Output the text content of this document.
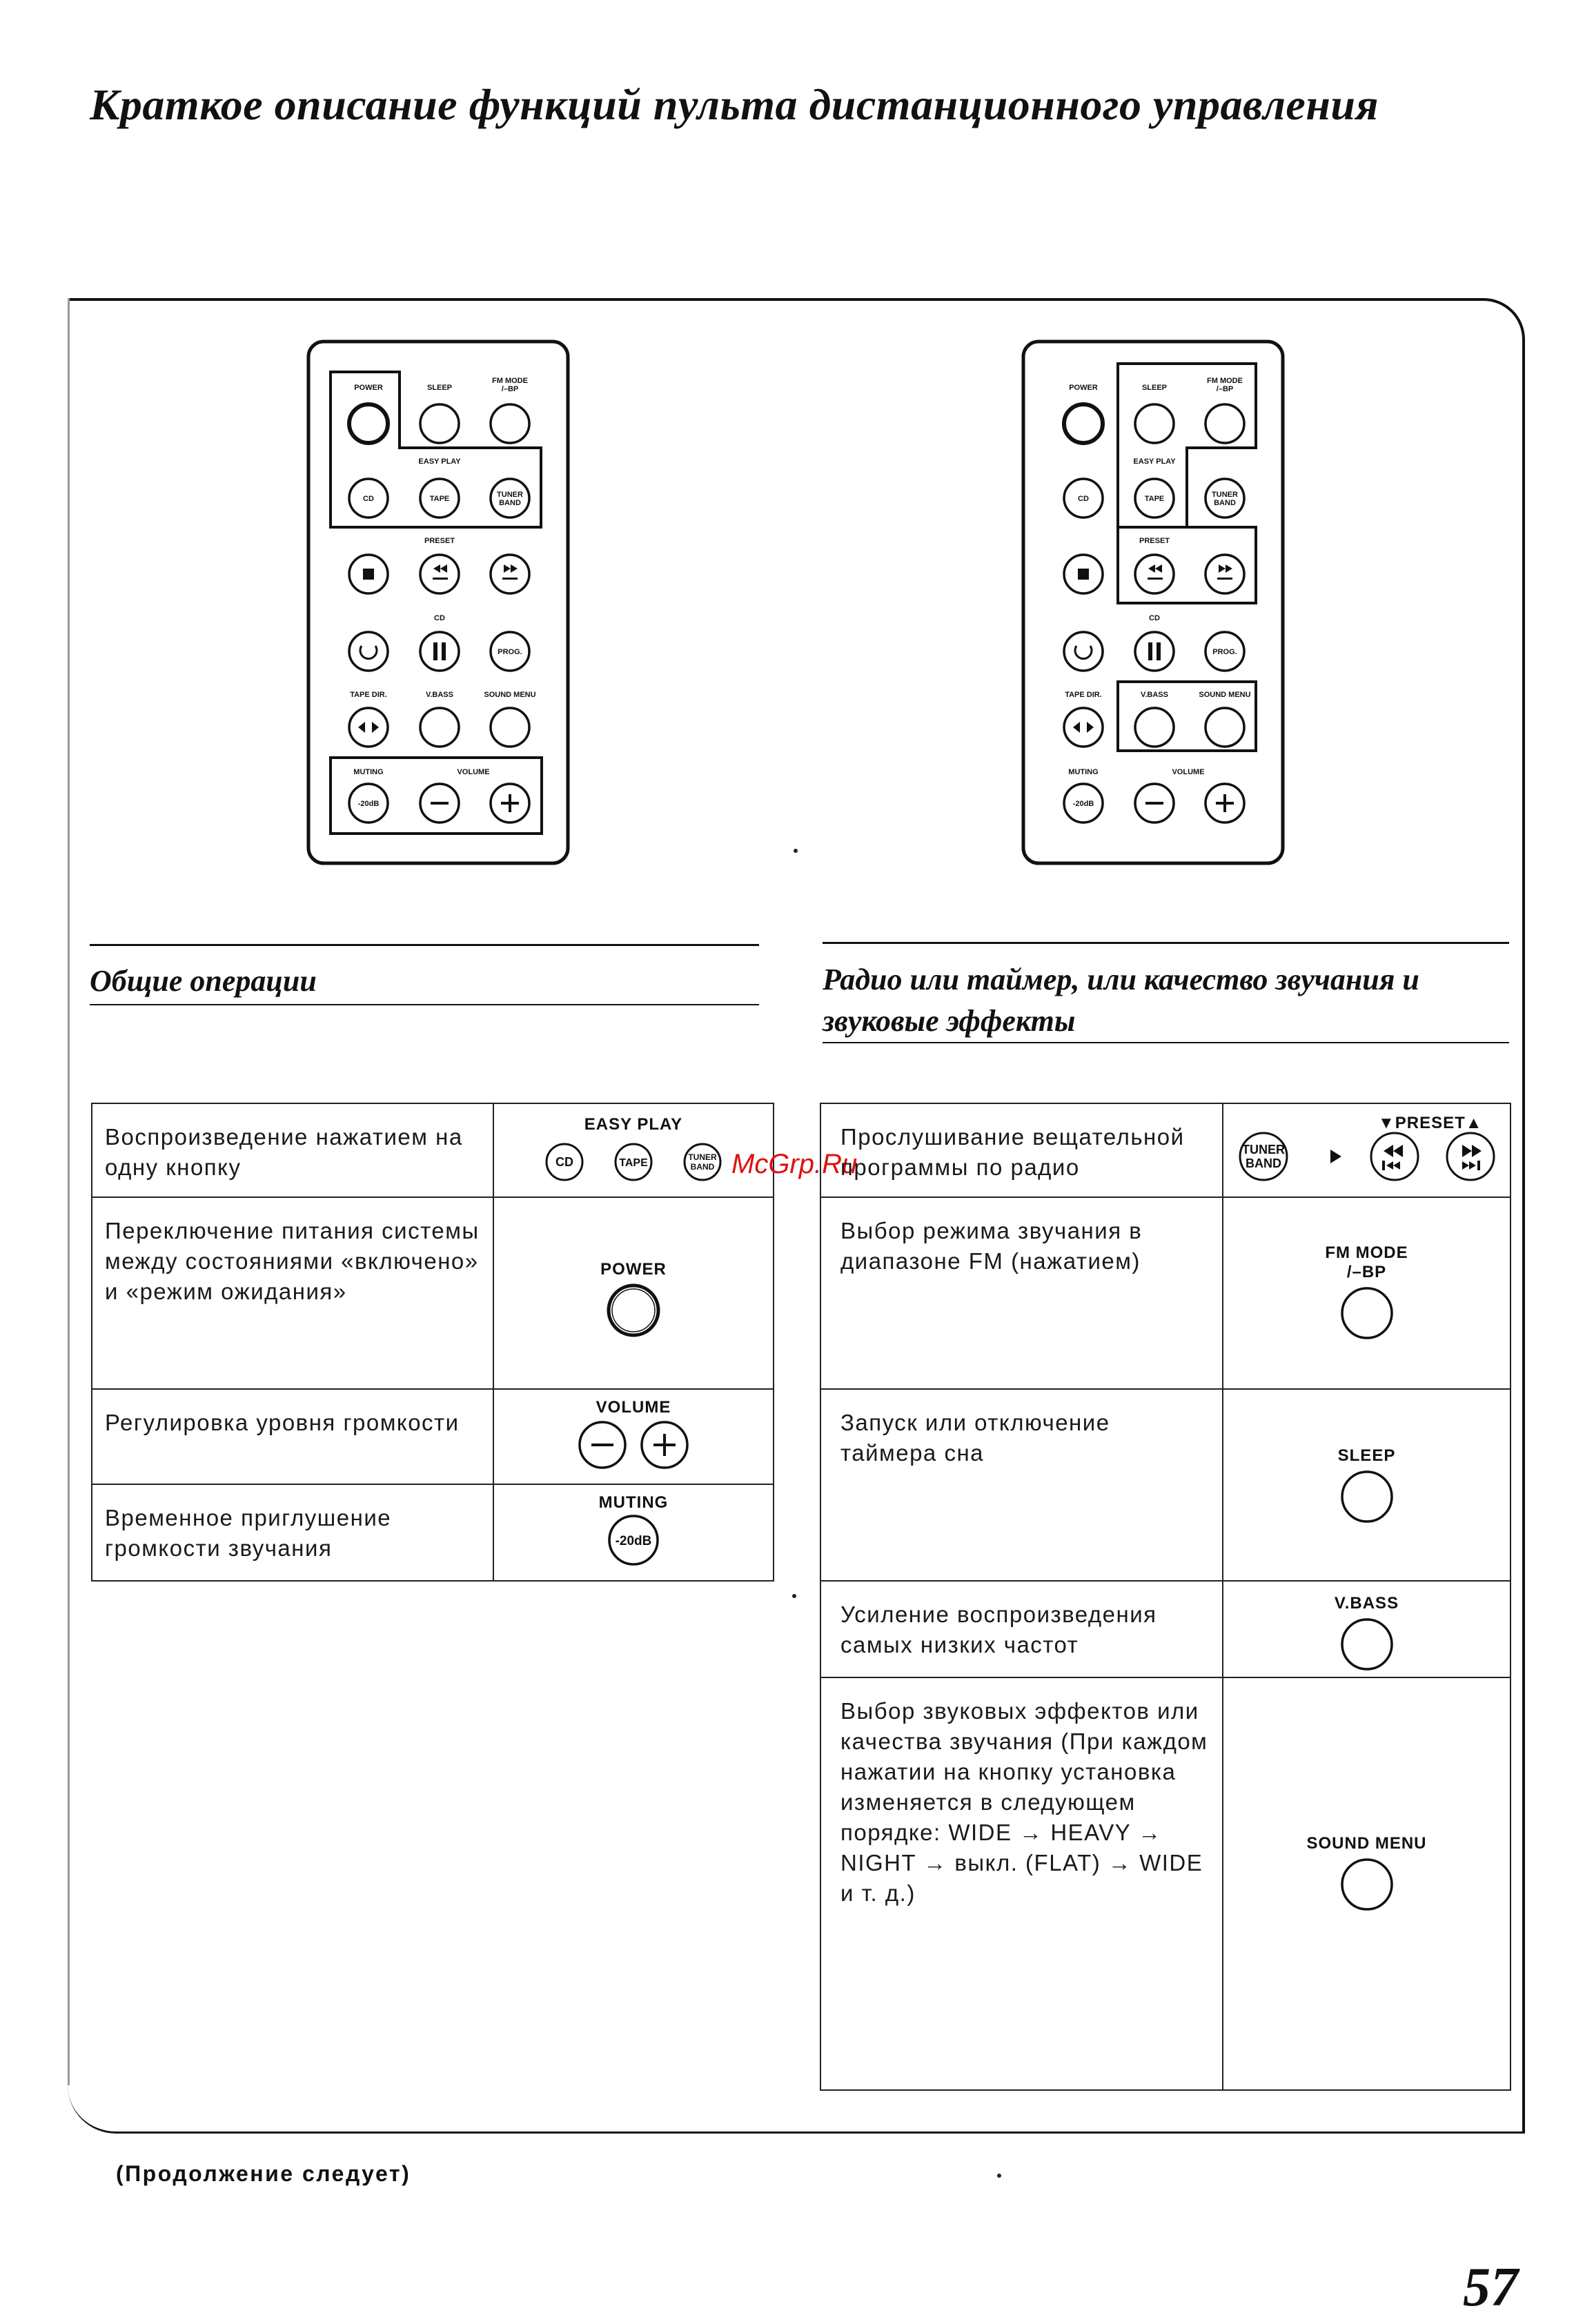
Краткое описание функций пульта дистанционного управления
POWER	SLEEP
FM MODE
/–BP
EASY PLAY
PRESET
CD
TAPE DIR.	V.BASS	SOUND MENU
MUTING	VOLUME
CD	TAPE	TUNER
BAND
PROG.
-20dB
POWER	SLEEP
FM MODE
/–BP
EASY PLAY
PRESET
CD
TAPE DIR.	V.BASS	SOUND MENU
MUTING	VOLUME
CD	TAPE	TUNER
BAND
PROG.
-20dB
Общие операции	Радио или таймер, или качество звучания и
звуковые эффекты
Воспроизведение нажатием на одну кнопку	EASY PLAY
CD TAPE TUNER
BAND

Переключение питания системы между состояниями «включено» и «режим ожидания»	POWER

Регулировка уровня громкости	VOLUME

Временное приглушение громкости звучания	MUTING
-20dB
McGrp.Ru
Прослушивание вещательной программы по радио	▼PRESET▲
TUNER
BAND

Выбор режима звучания в диапазоне FM (нажатием)	FM MODE
/–BP

Запуск или отключение таймера сна	SLEEP

Усиление воспроизведения самых низких частот	V.BASS

Выбор звуковых эффектов или качества звучания (При каждом нажатии на кнопку установка изменяется в следующем порядке: WIDE → HEAVY → NIGHT → выкл. (FLAT) → WIDE и т. д.)	SOUND MENU
(Продолжение следует)
57
